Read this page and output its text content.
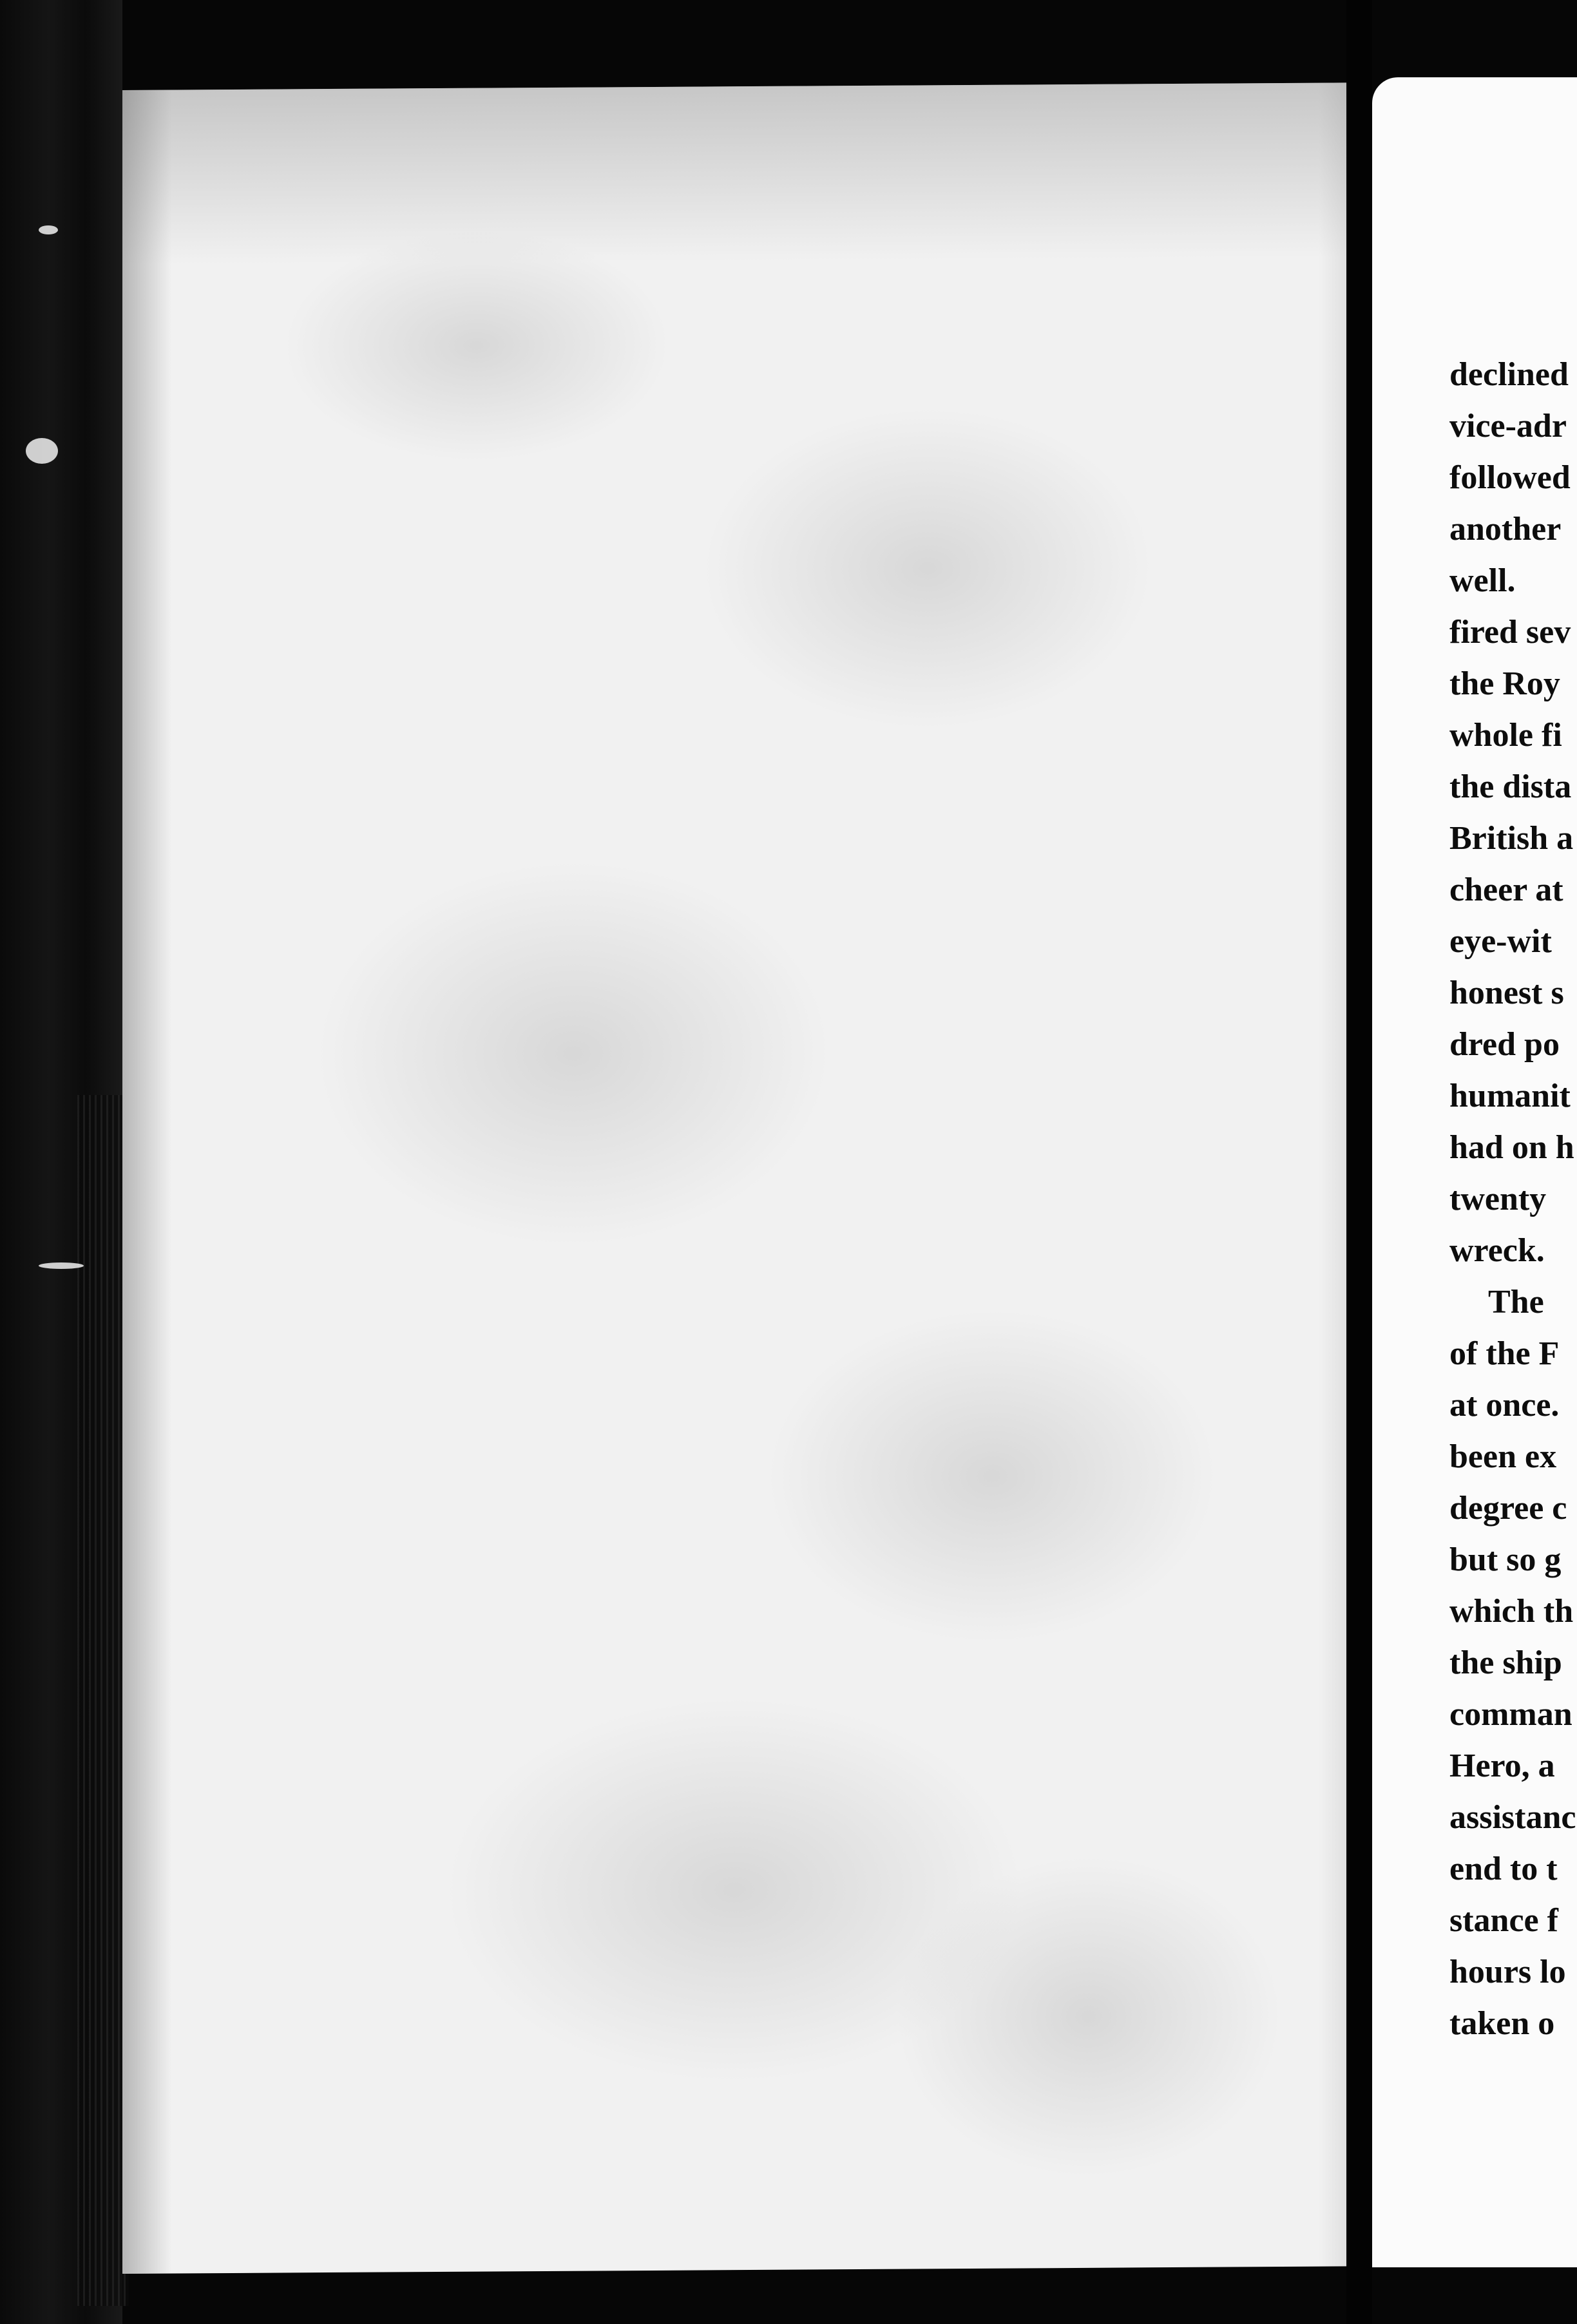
declined
vice-adr
followed
another
well.
fired sev
the Roy
whole fi
the dista
British a
cheer at
eye-wit
honest s
dred po
humanit
had on h
twenty
wreck.
The
of the F
at once.
been ex
degree c
but so g
which th
the ship
comman
Hero, a
assistanc
end to t
stance f
hours lo
taken o
